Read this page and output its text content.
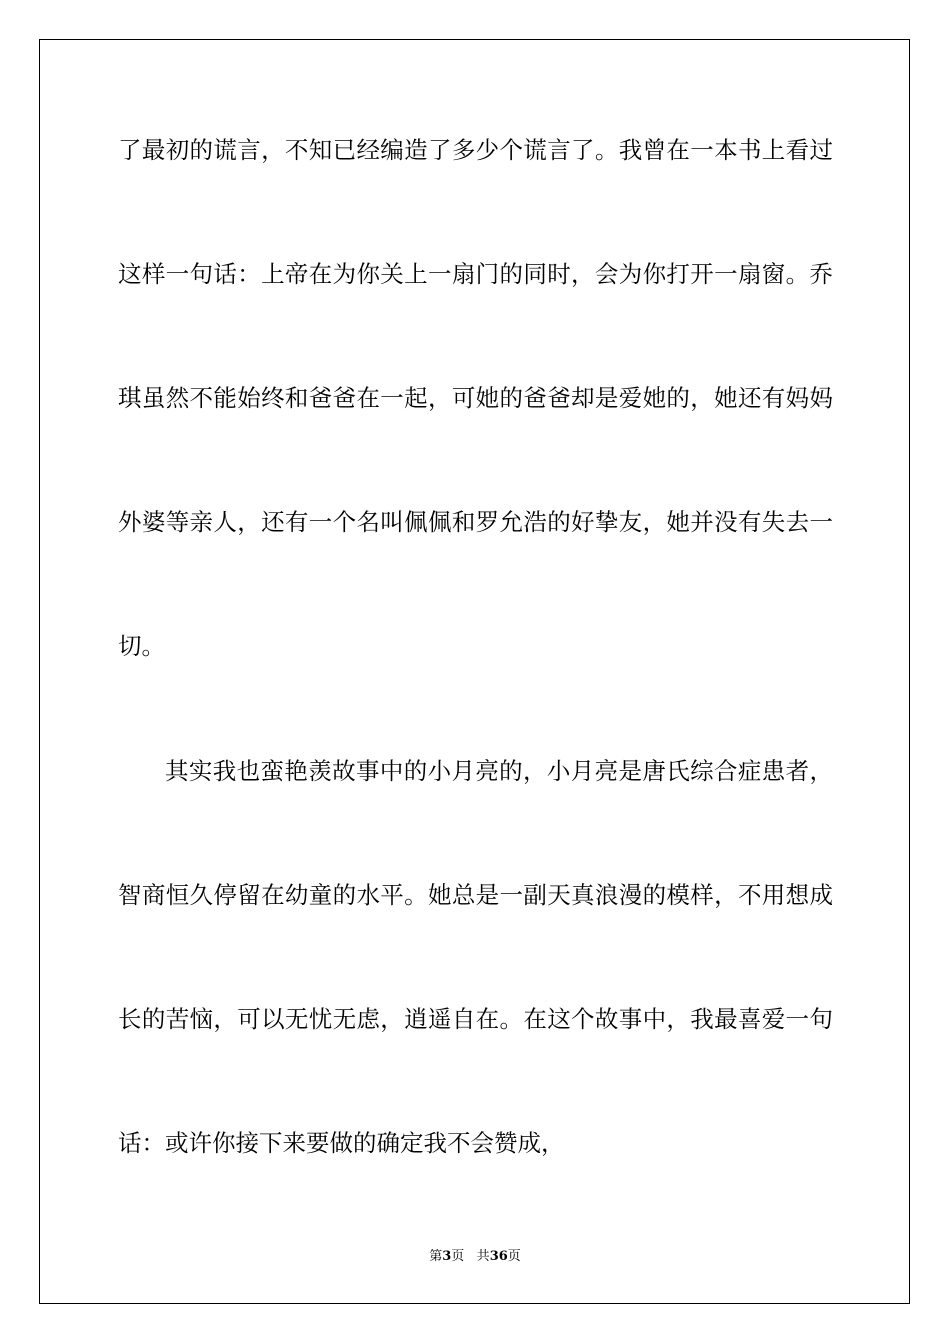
了最初的谎言，不知已经编造了多少个谎言了。我曾在一本书上看过
这样一句话：上帝在为你关上一扇门的同时，会为你打开一扇窗。乔
琪虽然不能始终和爸爸在一起，可她的爸爸却是爱她的，她还有妈妈
外婆等亲人，还有一个名叫佩佩和罗允浩的好挚友，她并没有失去一
切。
其实我也蛮艳羡故事中的小月亮的，小月亮是唐氏综合症患者，
智商恒久停留在幼童的水平。她总是一副天真浪漫的模样，不用想成
长的苦恼，可以无忧无虑，逍遥自在。在这个故事中，我最喜爱一句
话：或许你接下来要做的确定我不会赞成，
第3页 共36页
